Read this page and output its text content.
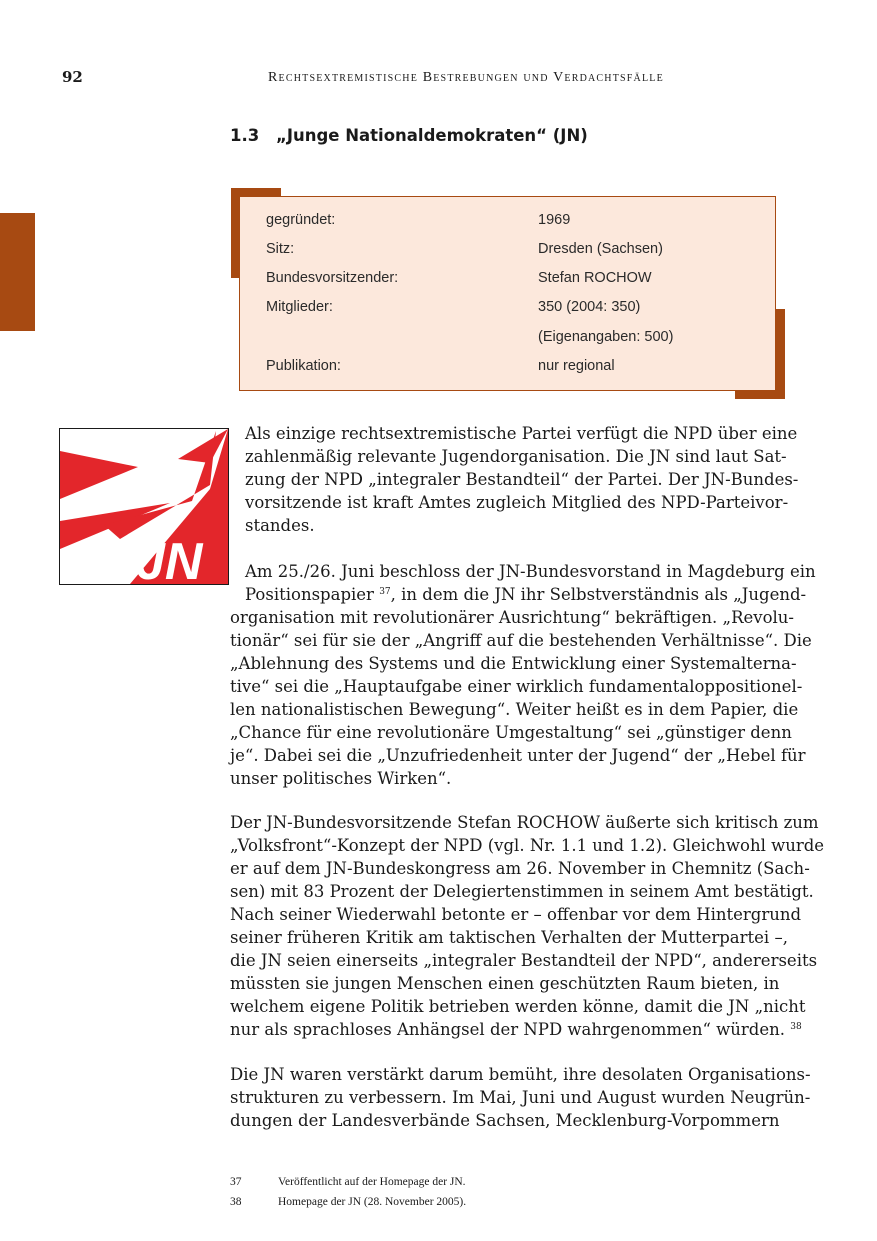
92	Rechtsextremistische Bestrebungen und Verdachtsfälle
1.3 „Junge Nationaldemokraten“ (JN)
gegründet:	1969
Sitz:	Dresden (Sachsen)
Bundesvorsitzender:	Stefan ROCHOW
Mitglieder:	350 (2004: 350)
(Eigenangaben: 500)
Publikation:	nur regional
JN
Als einzige rechtsextremistische Partei verfügt die NPD über eine
zahlenmäßig relevante Jugendorganisation. Die JN sind laut Sat-
zung der NPD „integraler Bestandteil“ der Partei. Der JN-Bundes-
vorsitzende ist kraft Amtes zugleich Mitglied des NPD-Parteivor-
standes.
Am 25./26. Juni beschloss der JN-Bundesvorstand in Magdeburg ein
Positionspapier $^{37}$, in dem die JN ihr Selbstverständnis als „Jugend-
organisation mit revolutionärer Ausrichtung“ bekräftigen. „Revolu-
tionär“ sei für sie der „Angriff auf die bestehenden Verhältnisse“. Die
„Ablehnung des Systems und die Entwicklung einer Systemalterna-
tive“ sei die „Hauptaufgabe einer wirklich fundamentaloppositionel-
len nationalistischen Bewegung“. Weiter heißt es in dem Papier, die
„Chance für eine revolutionäre Umgestaltung“ sei „günstiger denn
je“. Dabei sei die „Unzufriedenheit unter der Jugend“ der „Hebel für
unser politisches Wirken“.
Der JN-Bundesvorsitzende Stefan ROCHOW äußerte sich kritisch zum
„Volksfront“-Konzept der NPD (vgl. Nr. 1.1 und 1.2). Gleichwohl wurde
er auf dem JN-Bundeskongress am 26. November in Chemnitz (Sach-
sen) mit 83 Prozent der Delegiertenstimmen in seinem Amt bestätigt.
Nach seiner Wiederwahl betonte er – offenbar vor dem Hintergrund
seiner früheren Kritik am taktischen Verhalten der Mutterpartei –,
die JN seien einerseits „integraler Bestandteil der NPD“, andererseits
müssten sie jungen Menschen einen geschützten Raum bieten, in
welchem eigene Politik betrieben werden könne, damit die JN „nicht
nur als sprachloses Anhängsel der NPD wahrgenommen“ würden. $^{38}$
Die JN waren verstärkt darum bemüht, ihre desolaten Organisations-
strukturen zu verbessern. Im Mai, Juni und August wurden Neugrün-
dungen der Landesverbände Sachsen, Mecklenburg-Vorpommern
37	Veröffentlicht auf der Homepage der JN.
38	Homepage der JN (28. November 2005).
